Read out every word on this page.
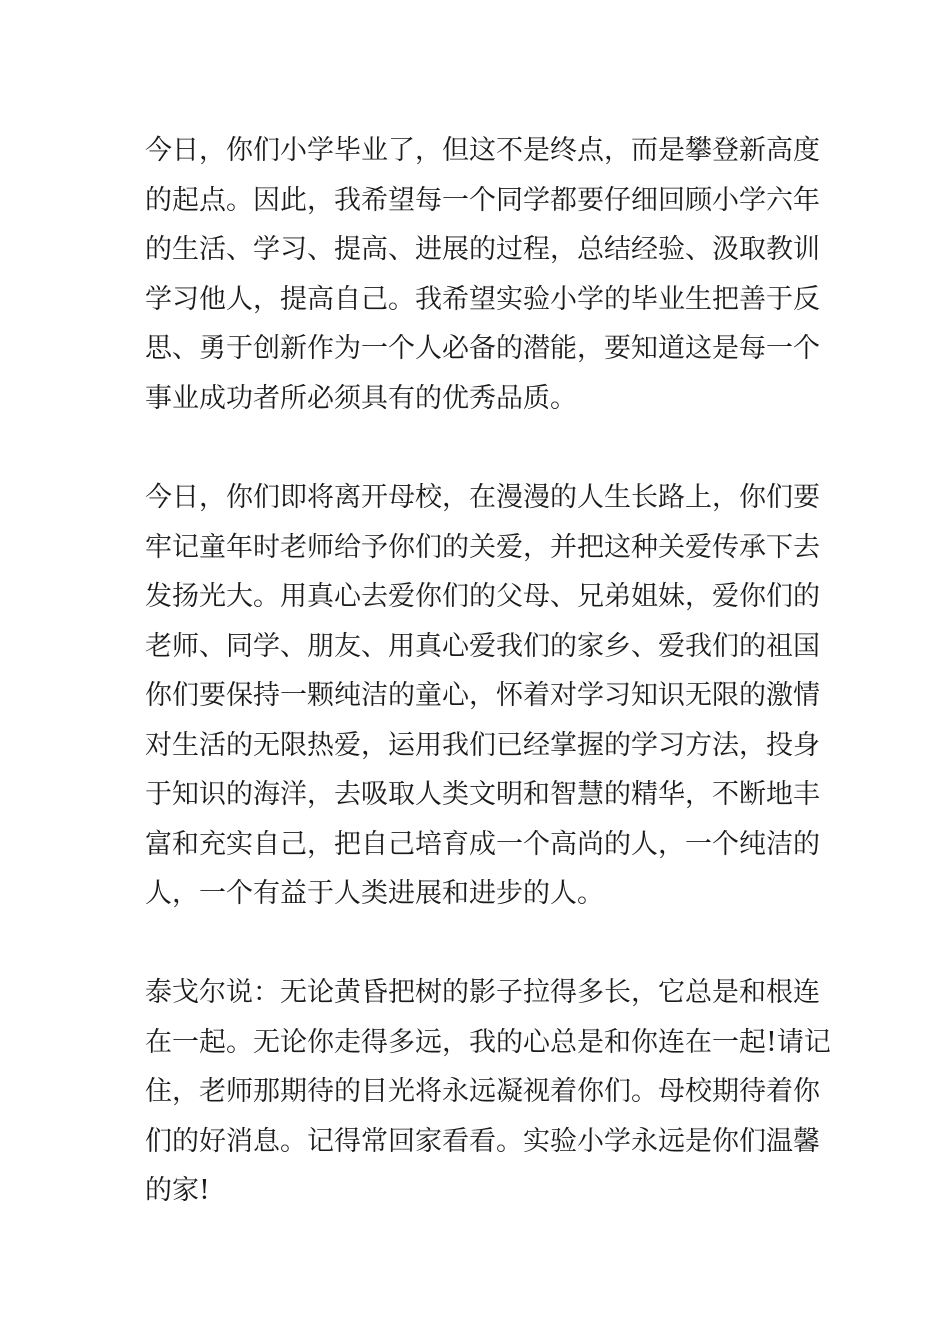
今日，你们小学毕业了，但这不是终点，而是攀登新高度
的起点。因此，我希望每一个同学都要仔细回顾小学六年
的生活、学习、提高、进展的过程，总结经验、汲取教训
学习他人，提高自己。我希望实验小学的毕业生把善于反
思、勇于创新作为一个人必备的潜能，要知道这是每一个
事业成功者所必须具有的优秀品质。

今日，你们即将离开母校，在漫漫的人生长路上，你们要
牢记童年时老师给予你们的关爱，并把这种关爱传承下去
发扬光大。用真心去爱你们的父母、兄弟姐妹，爱你们的
老师、同学、朋友、用真心爱我们的家乡、爱我们的祖国
你们要保持一颗纯洁的童心，怀着对学习知识无限的激情
对生活的无限热爱，运用我们已经掌握的学习方法，投身
于知识的海洋，去吸取人类文明和智慧的精华，不断地丰
富和充实自己，把自己培育成一个高尚的人，一个纯洁的
人，一个有益于人类进展和进步的人。

泰戈尔说：无论黄昏把树的影子拉得多长，它总是和根连
在一起。无论你走得多远，我的心总是和你连在一起!请记
住，老师那期待的目光将永远凝视着你们。母校期待着你
们的好消息。记得常回家看看。实验小学永远是你们温馨
的家!
